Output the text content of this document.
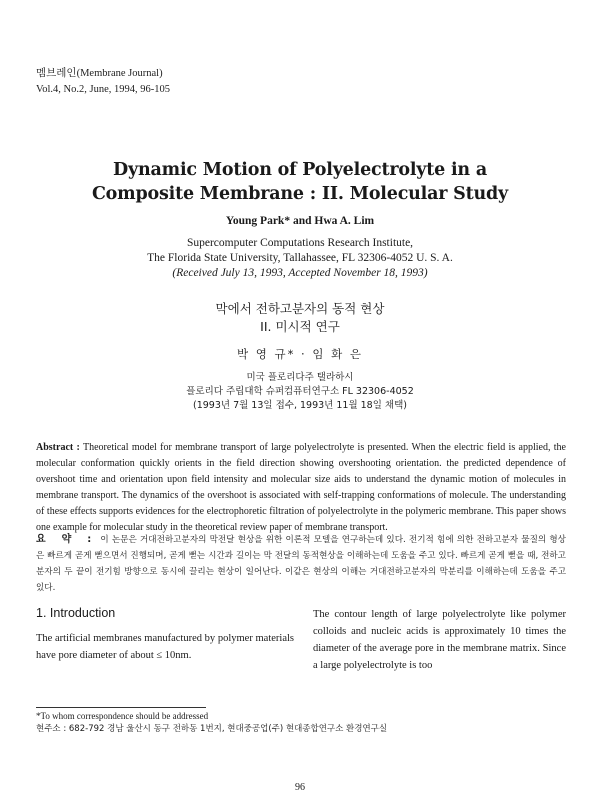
멤브레인(Membrane Journal)
Vol.4, No.2, June, 1994, 96-105
Dynamic Motion of Polyelectrolyte in a
Composite Membrane : II. Molecular Study
Young Park* and Hwa A. Lim
Supercomputer Computations Research Institute,
The Florida State University, Tallahassee, FL 32306-4052 U. S. A.
(Received July 13, 1993, Accepted November 18, 1993)
막에서 전하고분자의 동적 현상
II. 미시적 연구
박 영 규* · 임 화 은
미국 플로리다주 탤라하시
플로리다 주립대학 슈퍼컴퓨터연구소 FL 32306-4052
(1993년 7월 13일 접수, 1993년 11월 18일 채택)
Abstract : Theoretical model for membrane transport of large polyelectrolyte is presented. When the electric field is applied, the molecular conformation quickly orients in the field direction showing overshooting orientation. the predicted dependence of overshoot time and orientation upon field intensity and molecular size aids to understand the dynamic motion of molecules in membrane transport. The dynamics of the overshoot is associated with self-trapping conformations of molecule. The understanding of these effects supports evidences for the electrophoretic filtration of polyelectrolyte in the polymeric membrane. This paper shows one example for molecular study in the theoretical review paper of membrane transport.
요 약 : 이 논문은 거대전하고분자의 막전달 현상을 위한 이론적 모델을 연구하는데 있다. 전기적 힘에 의한 전하고분자 물질의 형상은 빠르게 곧게 뻗으면서 진행되며, 곧게 뻗는 시간과 길이는 막 전달의 동적현상을 이해하는데 도움을 주고 있다. 빠르게 곧게 뻗을 때, 전하고분자의 두 끝이 전기힘 방향으로 동시에 끌리는 현상이 일어난다. 이같은 현상의 이해는 거대전하고분자의 막분리를 이해하는데 도움을 주고 있다.
1. Introduction
The artificial membranes manufactured by polymer materials have pore diameter of about ≤ 10nm.
The contour length of large polyelectrolyte like polymer colloids and nucleic acids is approximately 10 times the diameter of the average pore in the membrane matrix. Since a large polyelectrolyte is too
*To whom correspondence should be addressed
현주소 : 682-792 경남 울산시 동구 전하동 1번지, 현대중공업(주) 현대종합연구소 환경연구실
96
